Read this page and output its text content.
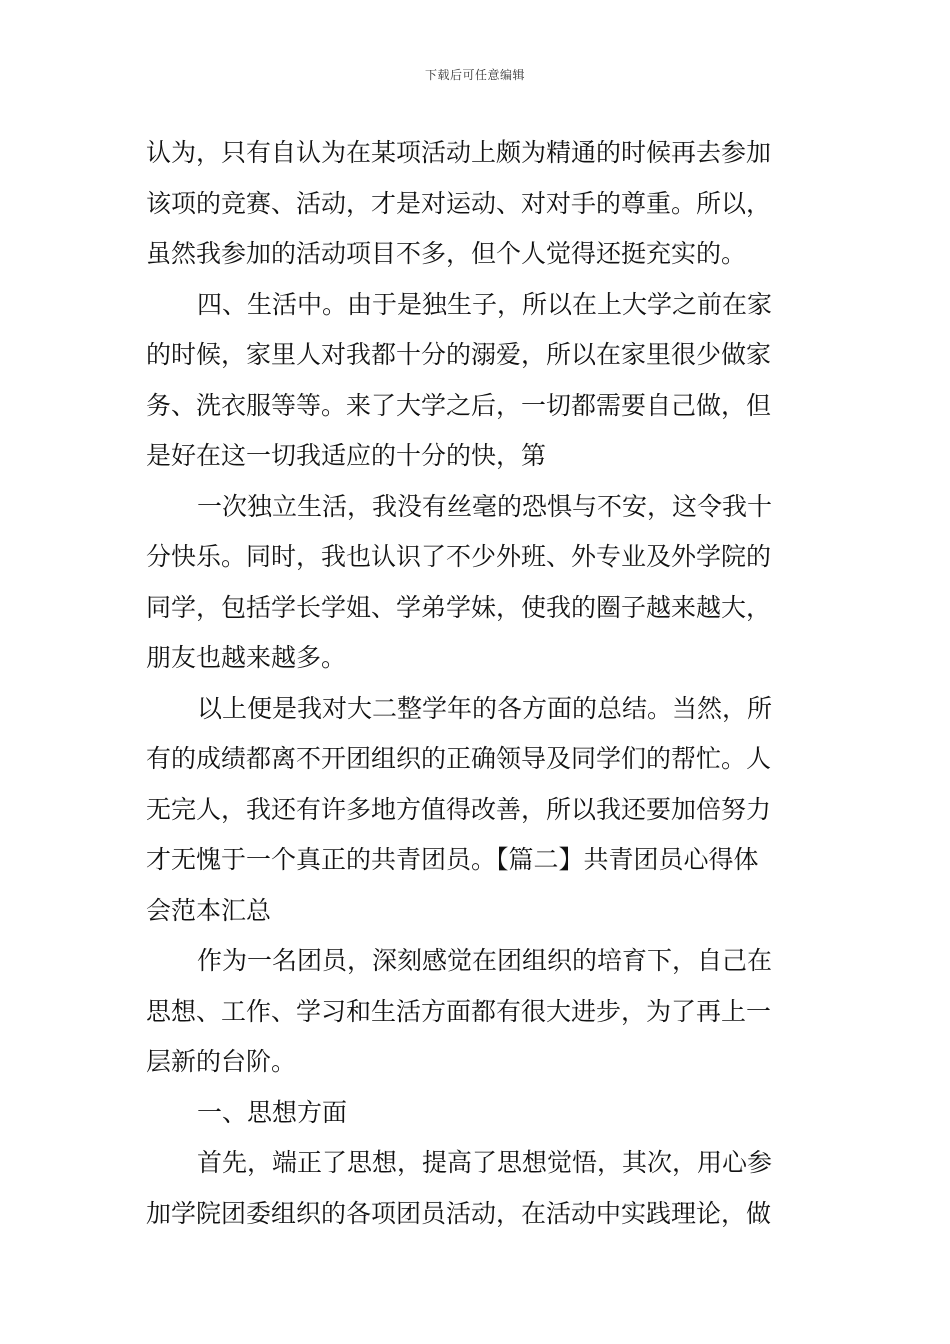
下载后可任意编辑
认为，只有自认为在某项活动上颇为精通的时候再去参加
该项的竞赛、活动，才是对运动、对对手的尊重。所以，
虽然我参加的活动项目不多，但个人觉得还挺充实的。
四、生活中。由于是独生子，所以在上大学之前在家
的时候，家里人对我都十分的溺爱，所以在家里很少做家
务、洗衣服等等。来了大学之后，一切都需要自己做，但
是好在这一切我适应的十分的快，第
一次独立生活，我没有丝毫的恐惧与不安，这令我十
分快乐。同时，我也认识了不少外班、外专业及外学院的
同学，包括学长学姐、学弟学妹，使我的圈子越来越大，
朋友也越来越多。
以上便是我对大二整学年的各方面的总结。当然，所
有的成绩都离不开团组织的正确领导及同学们的帮忙。人
无完人，我还有许多地方值得改善，所以我还要加倍努力
才无愧于一个真正的共青团员。【篇二】共青团员心得体
会范本汇总
作为一名团员，深刻感觉在团组织的培育下，自己在
思想、工作、学习和生活方面都有很大进步，为了再上一
层新的台阶。
一、思想方面
首先，端正了思想，提高了思想觉悟，其次，用心参
加学院团委组织的各项团员活动，在活动中实践理论，做
